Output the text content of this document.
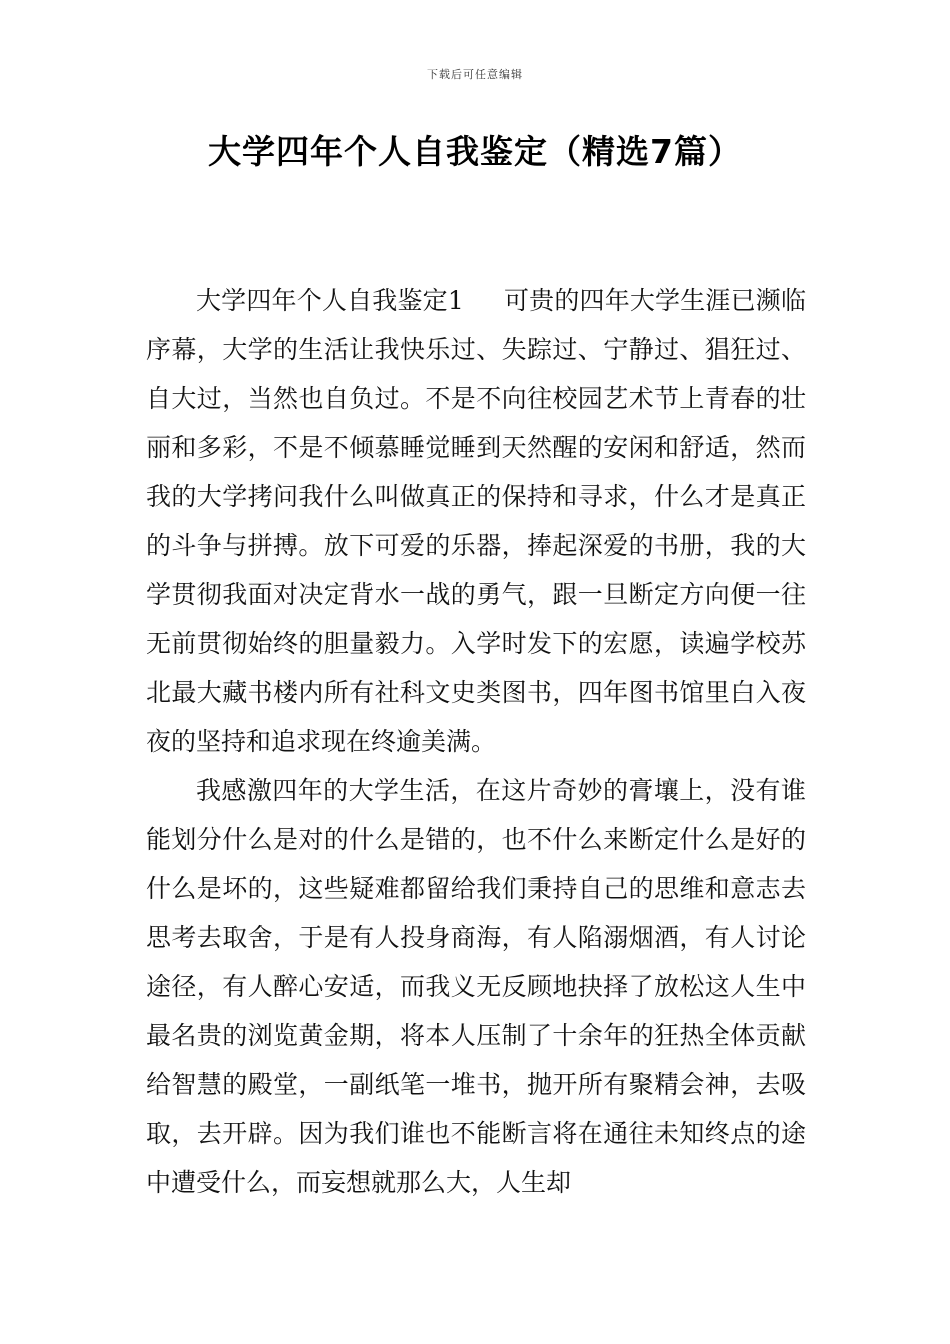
下载后可任意编辑
大学四年个人自我鉴定（精选7篇）

大学四年个人自我鉴定1 可贵的四年大学生涯已濒临序幕，大学的生活让我快乐过、失踪过、宁静过、猖狂过、自大过，当然也自负过。不是不向往校园艺术节上青春的壮丽和多彩，不是不倾慕睡觉睡到天然醒的安闲和舒适，然而我的大学拷问我什么叫做真正的保持和寻求，什么才是真正的斗争与拼搏。放下可爱的乐器，捧起深爱的书册，我的大学贯彻我面对决定背水一战的勇气，跟一旦断定方向便一往无前贯彻始终的胆量毅力。入学时发下的宏愿，读遍学校苏北最大藏书楼内所有社科文史类图书，四年图书馆里白入夜夜的坚持和追求现在终逾美满。

我感激四年的大学生活，在这片奇妙的膏壤上，没有谁能划分什么是对的什么是错的，也不什么来断定什么是好的什么是坏的，这些疑难都留给我们秉持自己的思维和意志去思考去取舍，于是有人投身商海，有人陷溺烟酒，有人讨论途径，有人醉心安适，而我义无反顾地抉择了放松这人生中最名贵的浏览黄金期，将本人压制了十余年的狂热全体贡献给智慧的殿堂，一副纸笔一堆书，抛开所有聚精会神，去吸取，去开辟。因为我们谁也不能断言将在通往未知终点的途中遭受什么，而妄想就那么大，人生却
